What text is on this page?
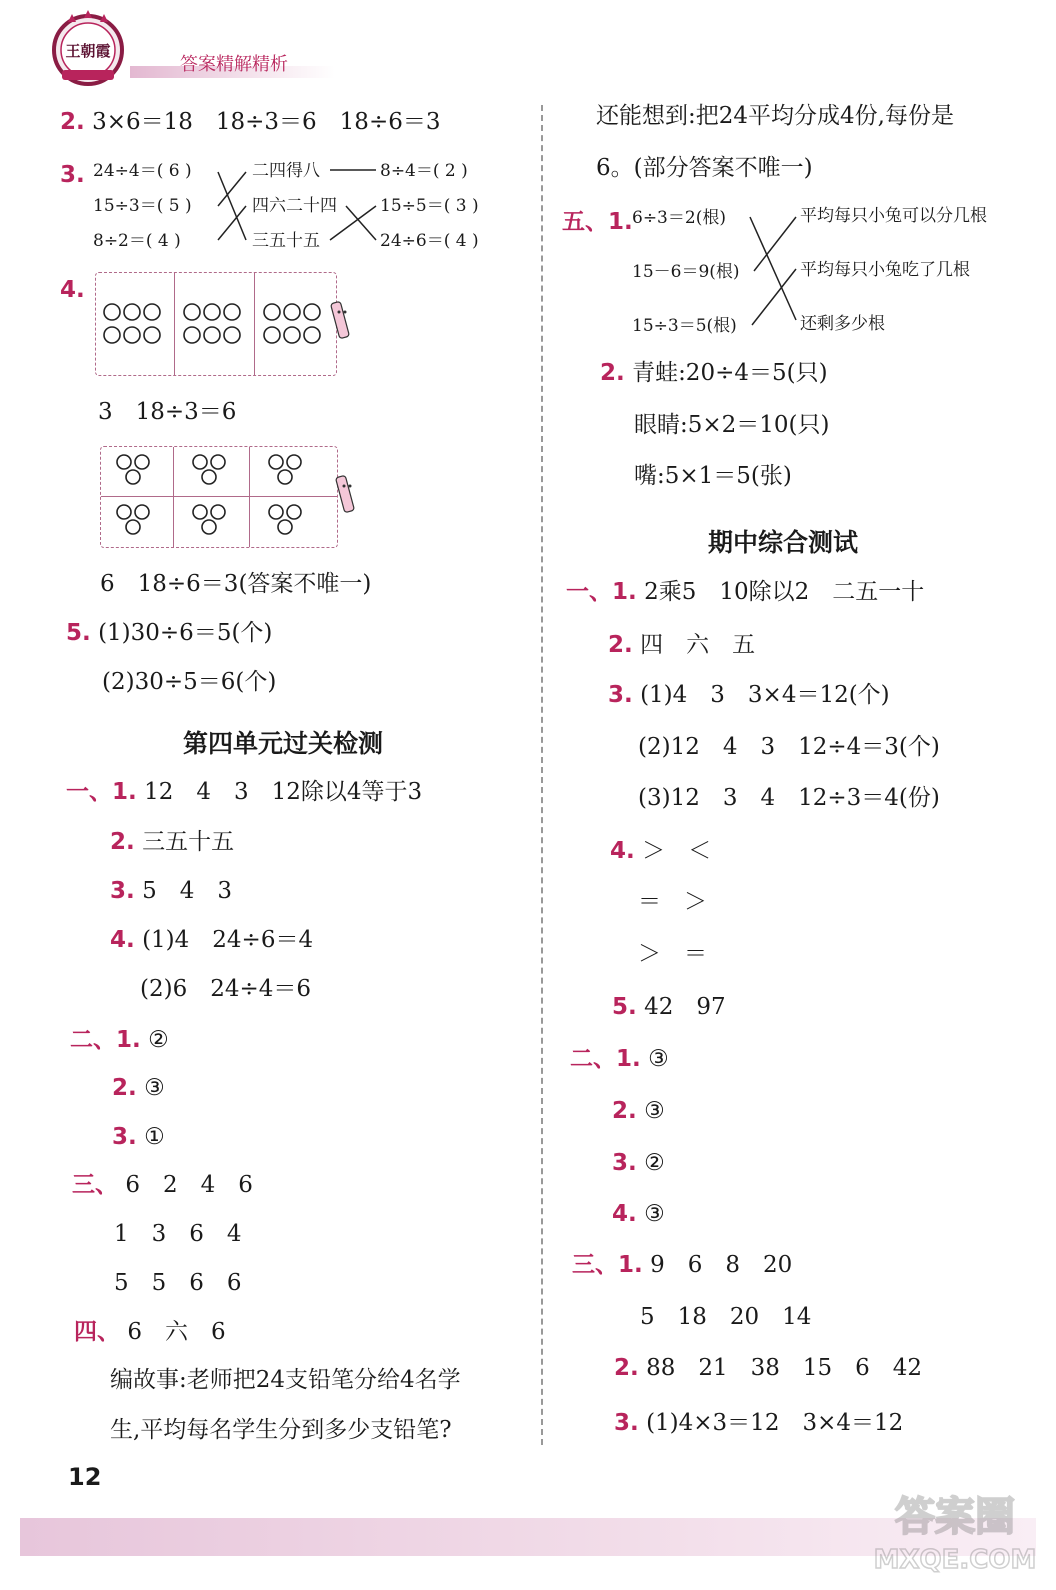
王朝霞
答案精解精析
2. 3×6＝18　18÷3＝6　18÷6＝3
3. 24÷4＝( 6 )
15÷3＝( 5 )
8÷2＝( 4 )
二四得八
四六二十四
三五十五
8÷4＝( 2 )
15÷5＝( 3 )
24÷6＝( 4 )
4.
3　18÷3＝6
6　18÷6＝3(答案不唯一)
5. (1)30÷6＝5(个)
(2)30÷5＝6(个)
第四单元过关检测
一、1. 12　4　3　12除以4等于3
2. 三五十五
3. 5　4　3
4. (1)4　24÷6＝4
(2)6　24÷4＝6
二、1. ②
2. ③
3. ①
三、 6　2　4　6
1　3　6　4
5　5　6　6
四、 6　六　6
编故事:老师把24支铅笔分给4名学
生,平均每名学生分到多少支铅笔?
还能想到:把24平均分成4份,每份是
6。(部分答案不唯一)
五、1. 6÷3＝2(根)
15－6＝9(根)
15÷3＝5(根)
平均每只小兔可以分几根
平均每只小兔吃了几根
还剩多少根
2. 青蛙:20÷4＝5(只)
眼睛:5×2＝10(只)
嘴:5×1＝5(张)
期中综合测试
一、1. 2乘5　10除以2　二五一十
2. 四　六　五
3. (1)4　3　3×4＝12(个)
(2)12　4　3　12÷4＝3(个)
(3)12　3　4　12÷3＝4(份)
4. ＞　＜
＝　＞
＞　＝
5. 42　97
二、1. ③
2. ③
3. ②
4. ③
三、1. 9　6　8　20
5　18　20　14
2. 88　21　38　15　6　42
3. (1)4×3＝12　3×4＝12
12
答案圈
MXQE.COM
